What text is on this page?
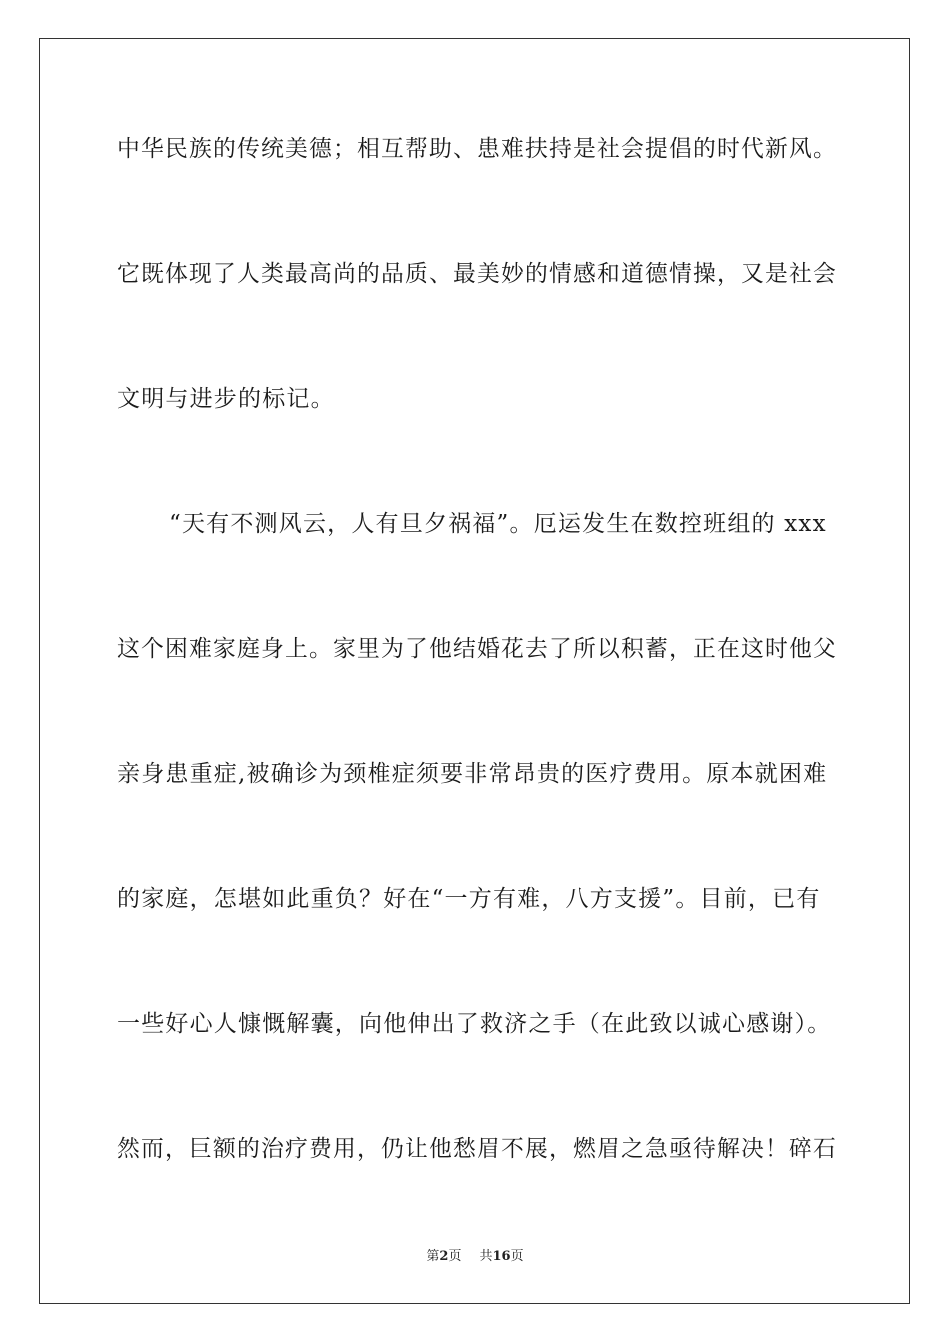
中华民族的传统美德；相互帮助、患难扶持是社会提倡的时代新风。
它既体现了人类最高尚的品质、最美妙的情感和道德情操，又是社会
文明与进步的标记。
“天有不测风云，人有旦夕祸福”。厄运发生在数控班组的 xxx
这个困难家庭身上。家里为了他结婚花去了所以积蓄，正在这时他父
亲身患重症,被确诊为颈椎症须要非常昂贵的医疗费用。原本就困难
的家庭，怎堪如此重负？好在“一方有难，八方支援”。目前，已有
一些好心人慷慨解囊，向他伸出了救济之手（在此致以诚心感谢）。
然而，巨额的治疗费用，仍让他愁眉不展，燃眉之急亟待解决！碎石
第2页 共16页
